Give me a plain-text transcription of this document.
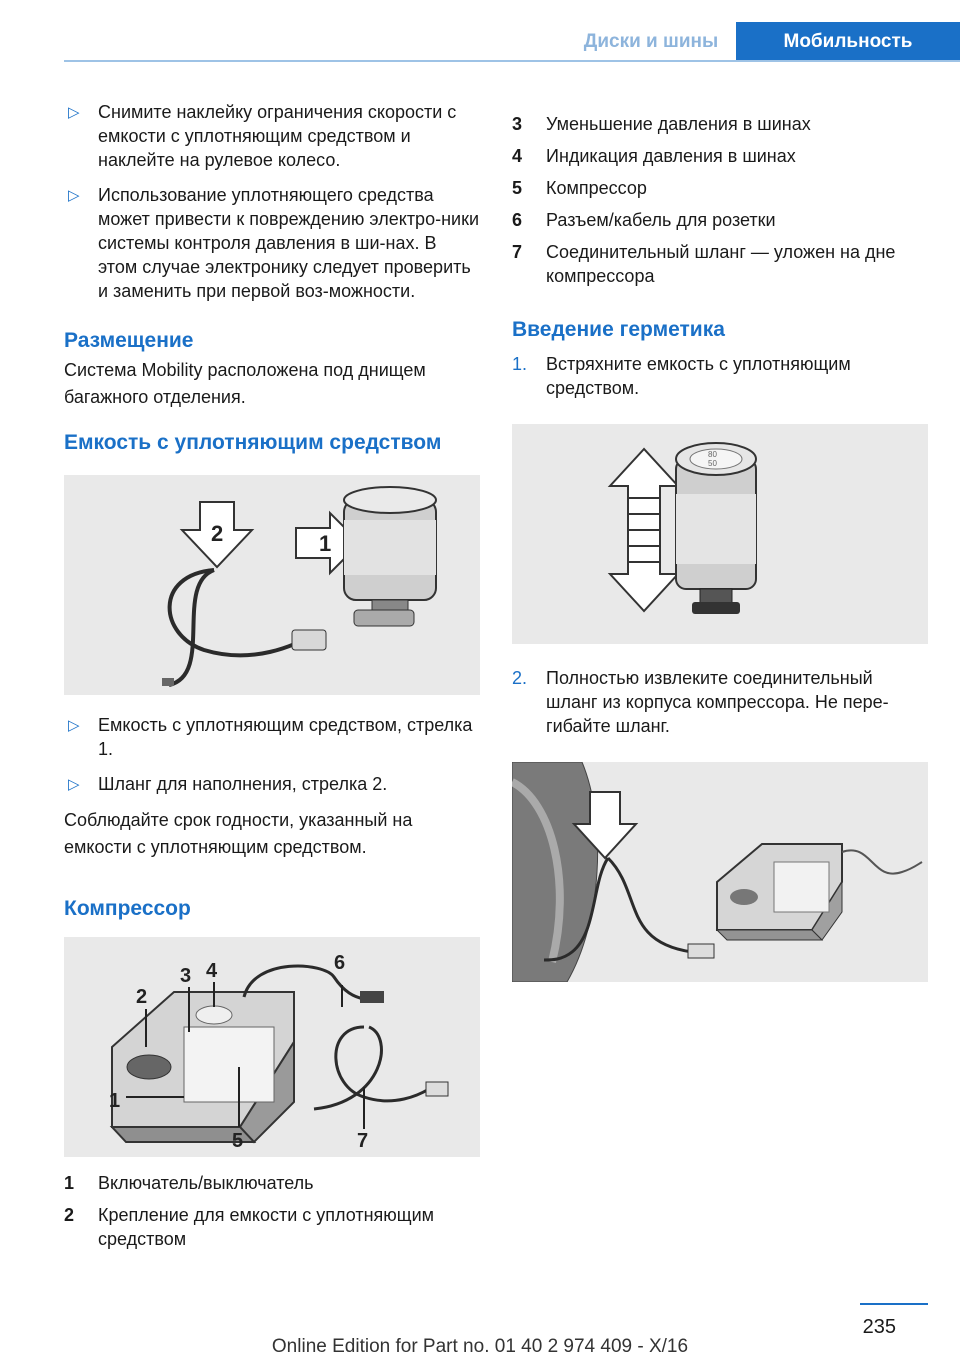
Диски и шины	Мобильность
▷ Снимите наклейку ограничения скорости с емкости с уплотняющим средством и наклейте на рулевое колесо.
▷ Использование уплотняющего средства может привести к повреждению электро-ники системы контроля давления в ши-нах. В этом случае электронику следует проверить и заменить при первой воз-можности.
Размещение

Система Mobility расположена под днищем багажного отделения.

Емкость с уплотняющим средством
2	1
▷ Емкость с уплотняющим средством, стрелка 1.
▷ Шланг для наполнения, стрелка 2.

Соблюдайте срок годности, указанный на емкости с уплотняющим средством.

Компрессор
1
2
3 4
5
6
7
1 Включатель/выключатель
2 Крепление для емкости с уплотняющим средством
3 Уменьшение давления в шинах
4 Индикация давления в шинах
5 Компрессор
6 Разъем/кабель для розетки
7 Соединительный шланг — уложен на дне компрессора
Введение герметика
1. Встряхните емкость с уплотняющим средством.
80
50
2. Полностью извлеките соединительный шланг из корпуса компрессора. Не пере-гибайте шланг.
235
Online Edition for Part no. 01 40 2 974 409 - X/16
